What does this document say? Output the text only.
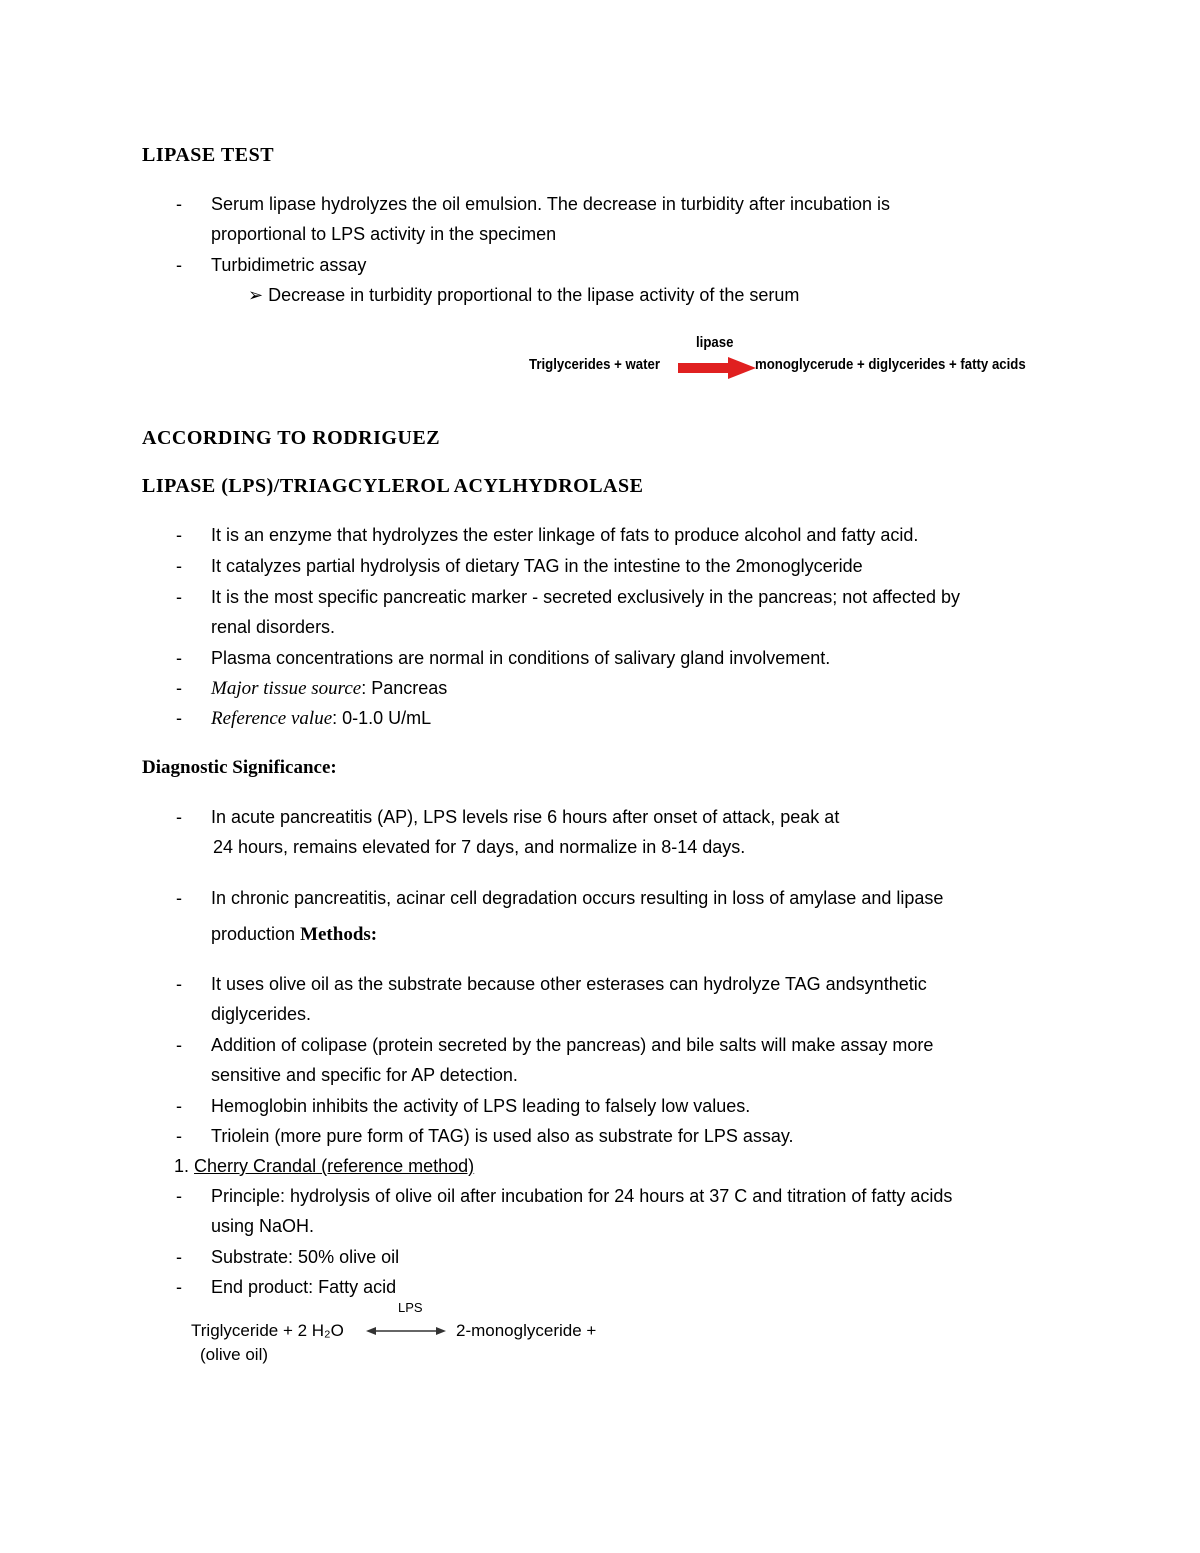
LIPASE TEST
- Serum lipase hydrolyzes the oil emulsion. The decrease in turbidity after incubation is
proportional to LPS activity in the specimen
- Turbidimetric assay
➢ Decrease in turbidity proportional to the lipase activity of the serum
lipase
Triglycerides + water	monoglycerude + diglycerides + fatty acids
ACCORDING TO RODRIGUEZ
LIPASE (LPS)/TRIAGCYLEROL ACYLHYDROLASE
- It is an enzyme that hydrolyzes the ester linkage of fats to produce alcohol and fatty acid.
- It catalyzes partial hydrolysis of dietary TAG in the intestine to the 2monoglyceride
- It is the most specific pancreatic marker - secreted exclusively in the pancreas; not affected by
renal disorders.
- Plasma concentrations are normal in conditions of salivary gland involvement.
- Major tissue source: Pancreas
- Reference value: 0-1.0 U/mL
Diagnostic Significance:
- In acute pancreatitis (AP), LPS levels rise 6 hours after onset of attack, peak at
24 hours, remains elevated for 7 days, and normalize in 8-14 days.
- In chronic pancreatitis, acinar cell degradation occurs resulting in loss of amylase and lipase
production Methods:
- It uses olive oil as the substrate because other esterases can hydrolyze TAG andsynthetic
diglycerides.
- Addition of colipase (protein secreted by the pancreas) and bile salts will make assay more
sensitive and specific for AP detection.
- Hemoglobin inhibits the activity of LPS leading to falsely low values.
- Triolein (more pure form of TAG) is used also as substrate for LPS assay.
1. Cherry Crandal (reference method)
- Principle: hydrolysis of olive oil after incubation for 24 hours at 37 C and titration of fatty acids
using NaOH.
- Substrate: 50% olive oil
- End product: Fatty acid
LPS
Triglyceride + 2 H₂O	2-monoglyceride +
(olive oil)
